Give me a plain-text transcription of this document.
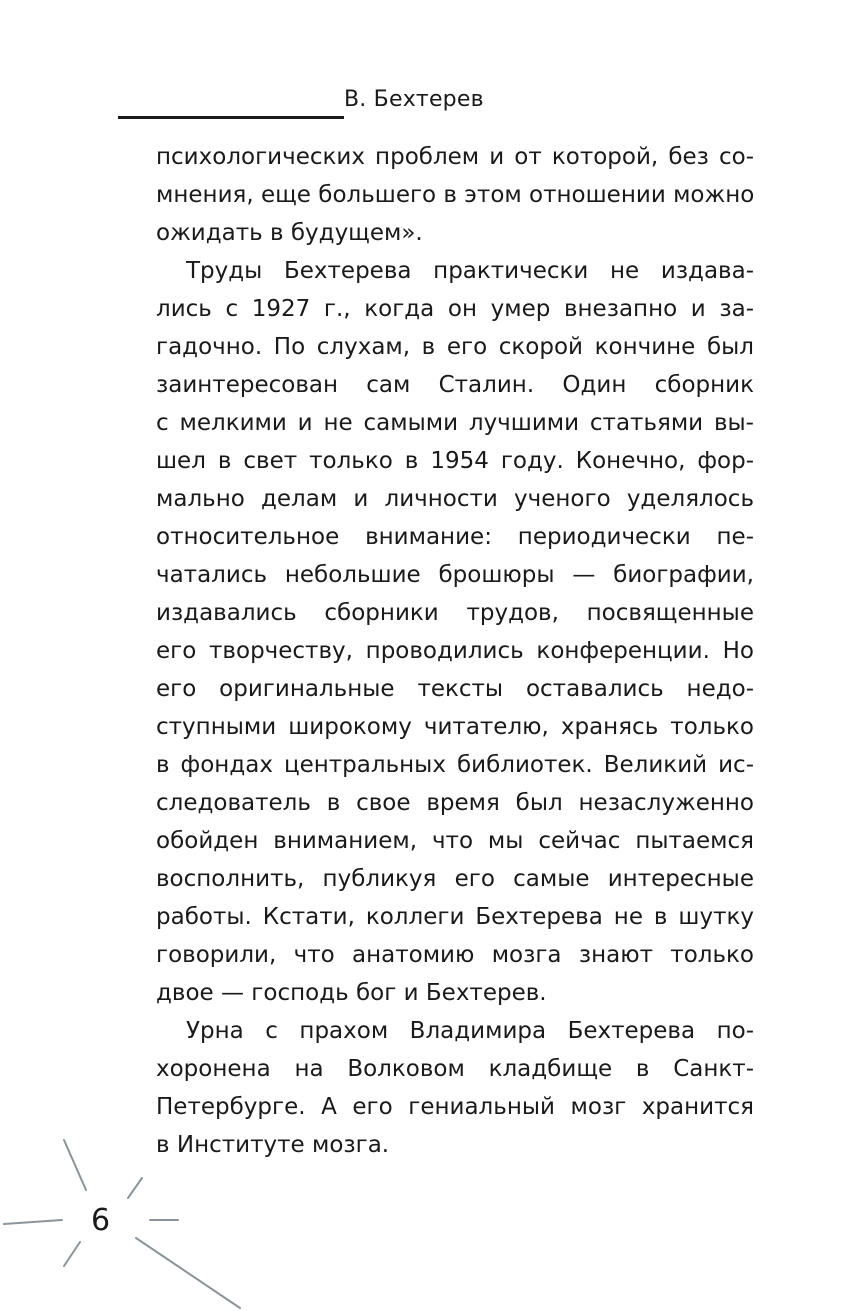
В. Бехтерев

психологических проблем и от которой, без со-
мнения, еще большего в этом отношении можно
ожидать в будущем».

Труды Бехтерева практически не издава-
лись с 1927 г., когда он умер внезапно и за-
гадочно. По слухам, в его скорой кончине был
заинтересован сам Сталин. Один сборник
с мелкими и не самыми лучшими статьями вы-
шел в свет только в 1954 году. Конечно, фор-
мально делам и личности ученого уделялось
относительное внимание: периодически пе-
чатались небольшие брошюры — биографии,
издавались сборники трудов, посвященные
его творчеству, проводились конференции. Но
его оригинальные тексты оставались недо-
ступными широкому читателю, хранясь только
в фондах центральных библиотек. Великий ис-
следователь в свое время был незаслуженно
обойден вниманием, что мы сейчас пытаемся
восполнить, публикуя его самые интересные
работы. Кстати, коллеги Бехтерева не в шутку
говорили, что анатомию мозга знают только
двое — господь бог и Бехтерев.

Урна с прахом Владимира Бехтерева по-
хоронена на Волковом кладбище в Санкт-
Петербурге. А его гениальный мозг хранится
в Институте мозга.

6
